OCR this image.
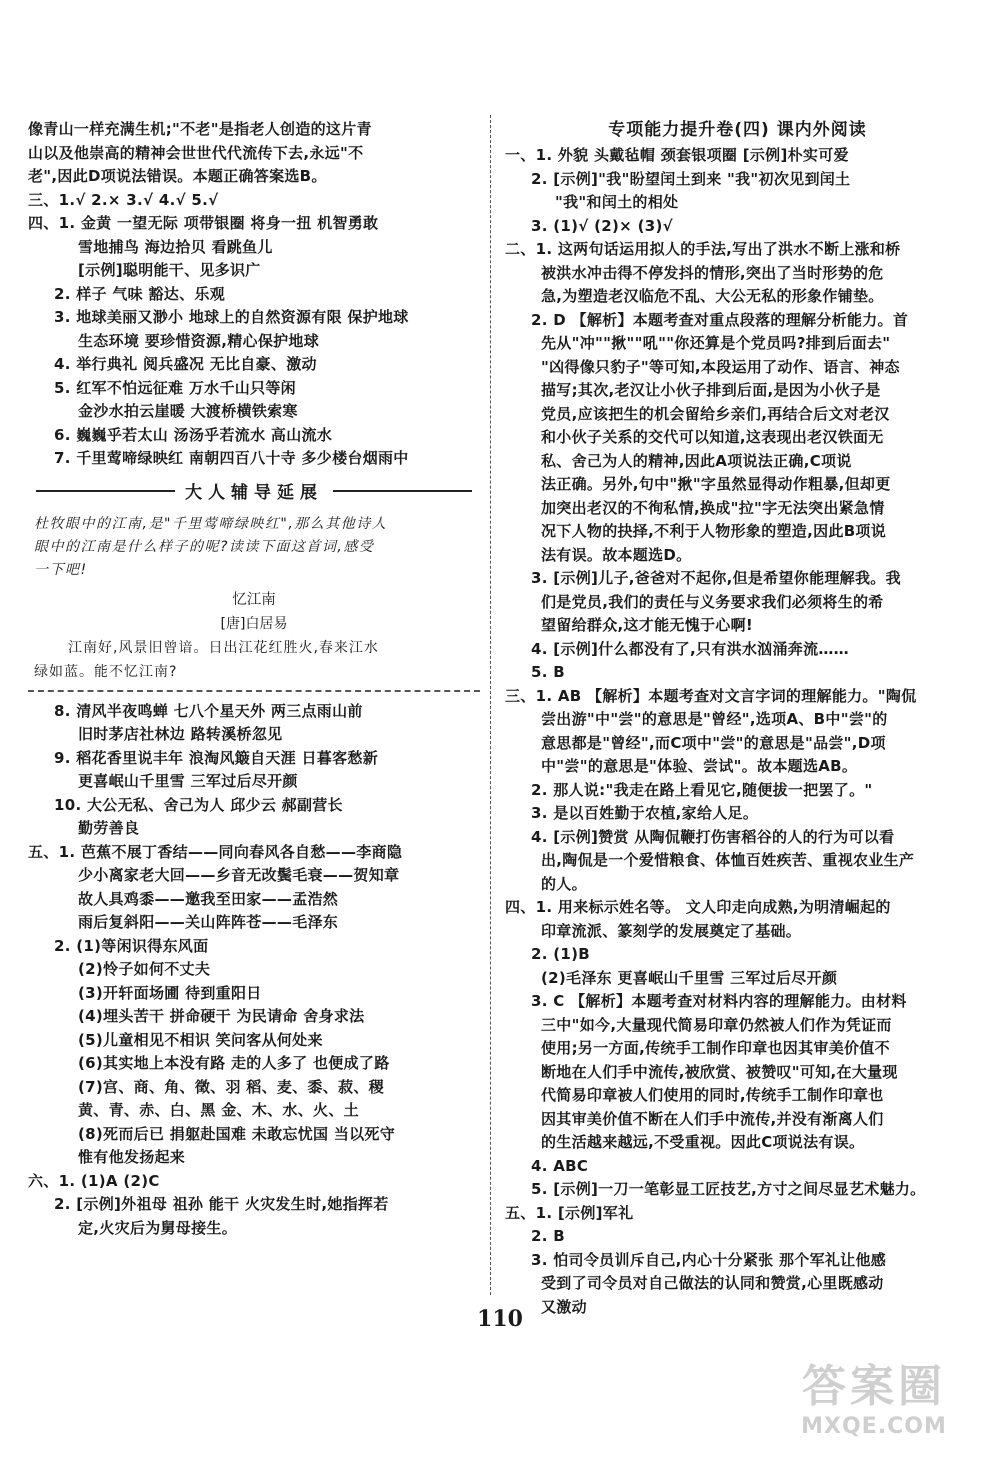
像青山一样充满生机;"不老"是指老人创造的这片青
山以及他崇高的精神会世世代代流传下去,永远"不
老",因此D项说法错误。本题正确答案选B。
三、1.√ 2.× 3.√ 4.√ 5.√
四、1. 金黄 一望无际 项带银圈 将身一扭 机智勇敢
雪地捕鸟 海边拾贝 看跳鱼儿
[示例]聪明能干、见多识广
2. 样子 气味 豁达、乐观
3. 地球美丽又渺小 地球上的自然资源有限 保护地球
生态环境 要珍惜资源,精心保护地球
4. 举行典礼 阅兵盛况 无比自豪、激动
5. 红军不怕远征难 万水千山只等闲
金沙水拍云崖暖 大渡桥横铁索寒
6. 巍巍乎若太山 汤汤乎若流水 高山流水
7. 千里莺啼绿映红 南朝四百八十寺 多少楼台烟雨中
大人辅导延展
杜牧眼中的江南,是"千里莺啼绿映红",那么其他诗人
眼中的江南是什么样子的呢?读读下面这首词,感受
一下吧!
忆江南
[唐]白居易
江南好,风景旧曾谙。日出江花红胜火,春来江水
绿如蓝。能不忆江南?
8. 清风半夜鸣蝉 七八个星天外 两三点雨山前
旧时茅店社林边 路转溪桥忽见
9. 稻花香里说丰年 浪淘风簸自天涯 日暮客愁新
更喜岷山千里雪 三军过后尽开颜
10. 大公无私、舍己为人 邱少云 郝副营长
勤劳善良
五、1. 芭蕉不展丁香结——同向春风各自愁——李商隐
少小离家老大回——乡音无改鬓毛衰——贺知章
故人具鸡黍——邀我至田家——孟浩然
雨后复斜阳——关山阵阵苍——毛泽东
2. (1)等闲识得东风面
(2)怜子如何不丈夫
(3)开轩面场圃 待到重阳日
(4)埋头苦干 拼命硬干 为民请命 舍身求法
(5)儿童相见不相识 笑问客从何处来
(6)其实地上本没有路 走的人多了 也便成了路
(7)宫、商、角、徵、羽 稻、麦、黍、菽、稷
黄、青、赤、白、黑 金、木、水、火、土
(8)死而后已 捐躯赴国难 未敢忘忧国 当以死守
惟有他发扬起来
六、1. (1)A (2)C
2. [示例]外祖母 祖孙 能干 火灾发生时,她指挥若
定,火灾后为舅母接生。
专项能力提升卷(四) 课内外阅读
一、1. 外貌 头戴毡帽 颈套银项圈 [示例]朴实可爱
2. [示例]"我"盼望闰土到来 "我"初次见到闰土
"我"和闰土的相处
3. (1)√ (2)× (3)√
二、1. 这两句话运用拟人的手法,写出了洪水不断上涨和桥
被洪水冲击得不停发抖的情形,突出了当时形势的危
急,为塑造老汉临危不乱、大公无私的形象作铺垫。
2. D 【解析】本题考查对重点段落的理解分析能力。首
先从"冲""揪""吼""你还算是个党员吗?排到后面去"
"凶得像只豹子"等可知,本段运用了动作、语言、神态
描写;其次,老汉让小伙子排到后面,是因为小伙子是
党员,应该把生的机会留给乡亲们,再结合后文对老汉
和小伙子关系的交代可以知道,这表现出老汉铁面无
私、舍己为人的精神,因此A项说法正确,C项说
法正确。另外,句中"揪"字虽然显得动作粗暴,但却更
加突出老汉的不徇私情,换成"拉"字无法突出紧急情
况下人物的抉择,不利于人物形象的塑造,因此B项说
法有误。故本题选D。
3. [示例]儿子,爸爸对不起你,但是希望你能理解我。我
们是党员,我们的责任与义务要求我们必须将生的希
望留给群众,这才能无愧于心啊!
4. [示例]什么都没有了,只有洪水汹涌奔流……
5. B
三、1. AB 【解析】本题考查对文言字词的理解能力。"陶侃
尝出游"中"尝"的意思是"曾经",选项A、B中"尝"的
意思都是"曾经",而C项中"尝"的意思是"品尝",D项
中"尝"的意思是"体验、尝试"。故本题选AB。
2. 那人说:"我走在路上看见它,随便拔一把罢了。"
3. 是以百姓勤于农植,家给人足。
4. [示例]赞赏 从陶侃鞭打伤害稻谷的人的行为可以看
出,陶侃是一个爱惜粮食、体恤百姓疾苦、重视农业生产
的人。
四、1. 用来标示姓名等。 文人印走向成熟,为明清崛起的
印章流派、篆刻学的发展奠定了基础。
2. (1)B
(2)毛泽东 更喜岷山千里雪 三军过后尽开颜
3. C 【解析】本题考查对材料内容的理解能力。由材料
三中"如今,大量现代简易印章仍然被人们作为凭证而
使用;另一方面,传统手工制作印章也因其审美价值不
断地在人们手中流传,被欣赏、被赞叹"可知,在大量现
代简易印章被人们使用的同时,传统手工制作印章也
因其审美价值不断在人们手中流传,并没有渐离人们
的生活越来越远,不受重视。因此C项说法有误。
4. ABC
5. [示例]一刀一笔彰显工匠技艺,方寸之间尽显艺术魅力。
五、1. [示例]军礼
2. B
3. 怕司令员训斥自己,内心十分紧张 那个军礼让他感
受到了司令员对自己做法的认同和赞赏,心里既感动
又激动
110
答案圈
MXQE.COM
